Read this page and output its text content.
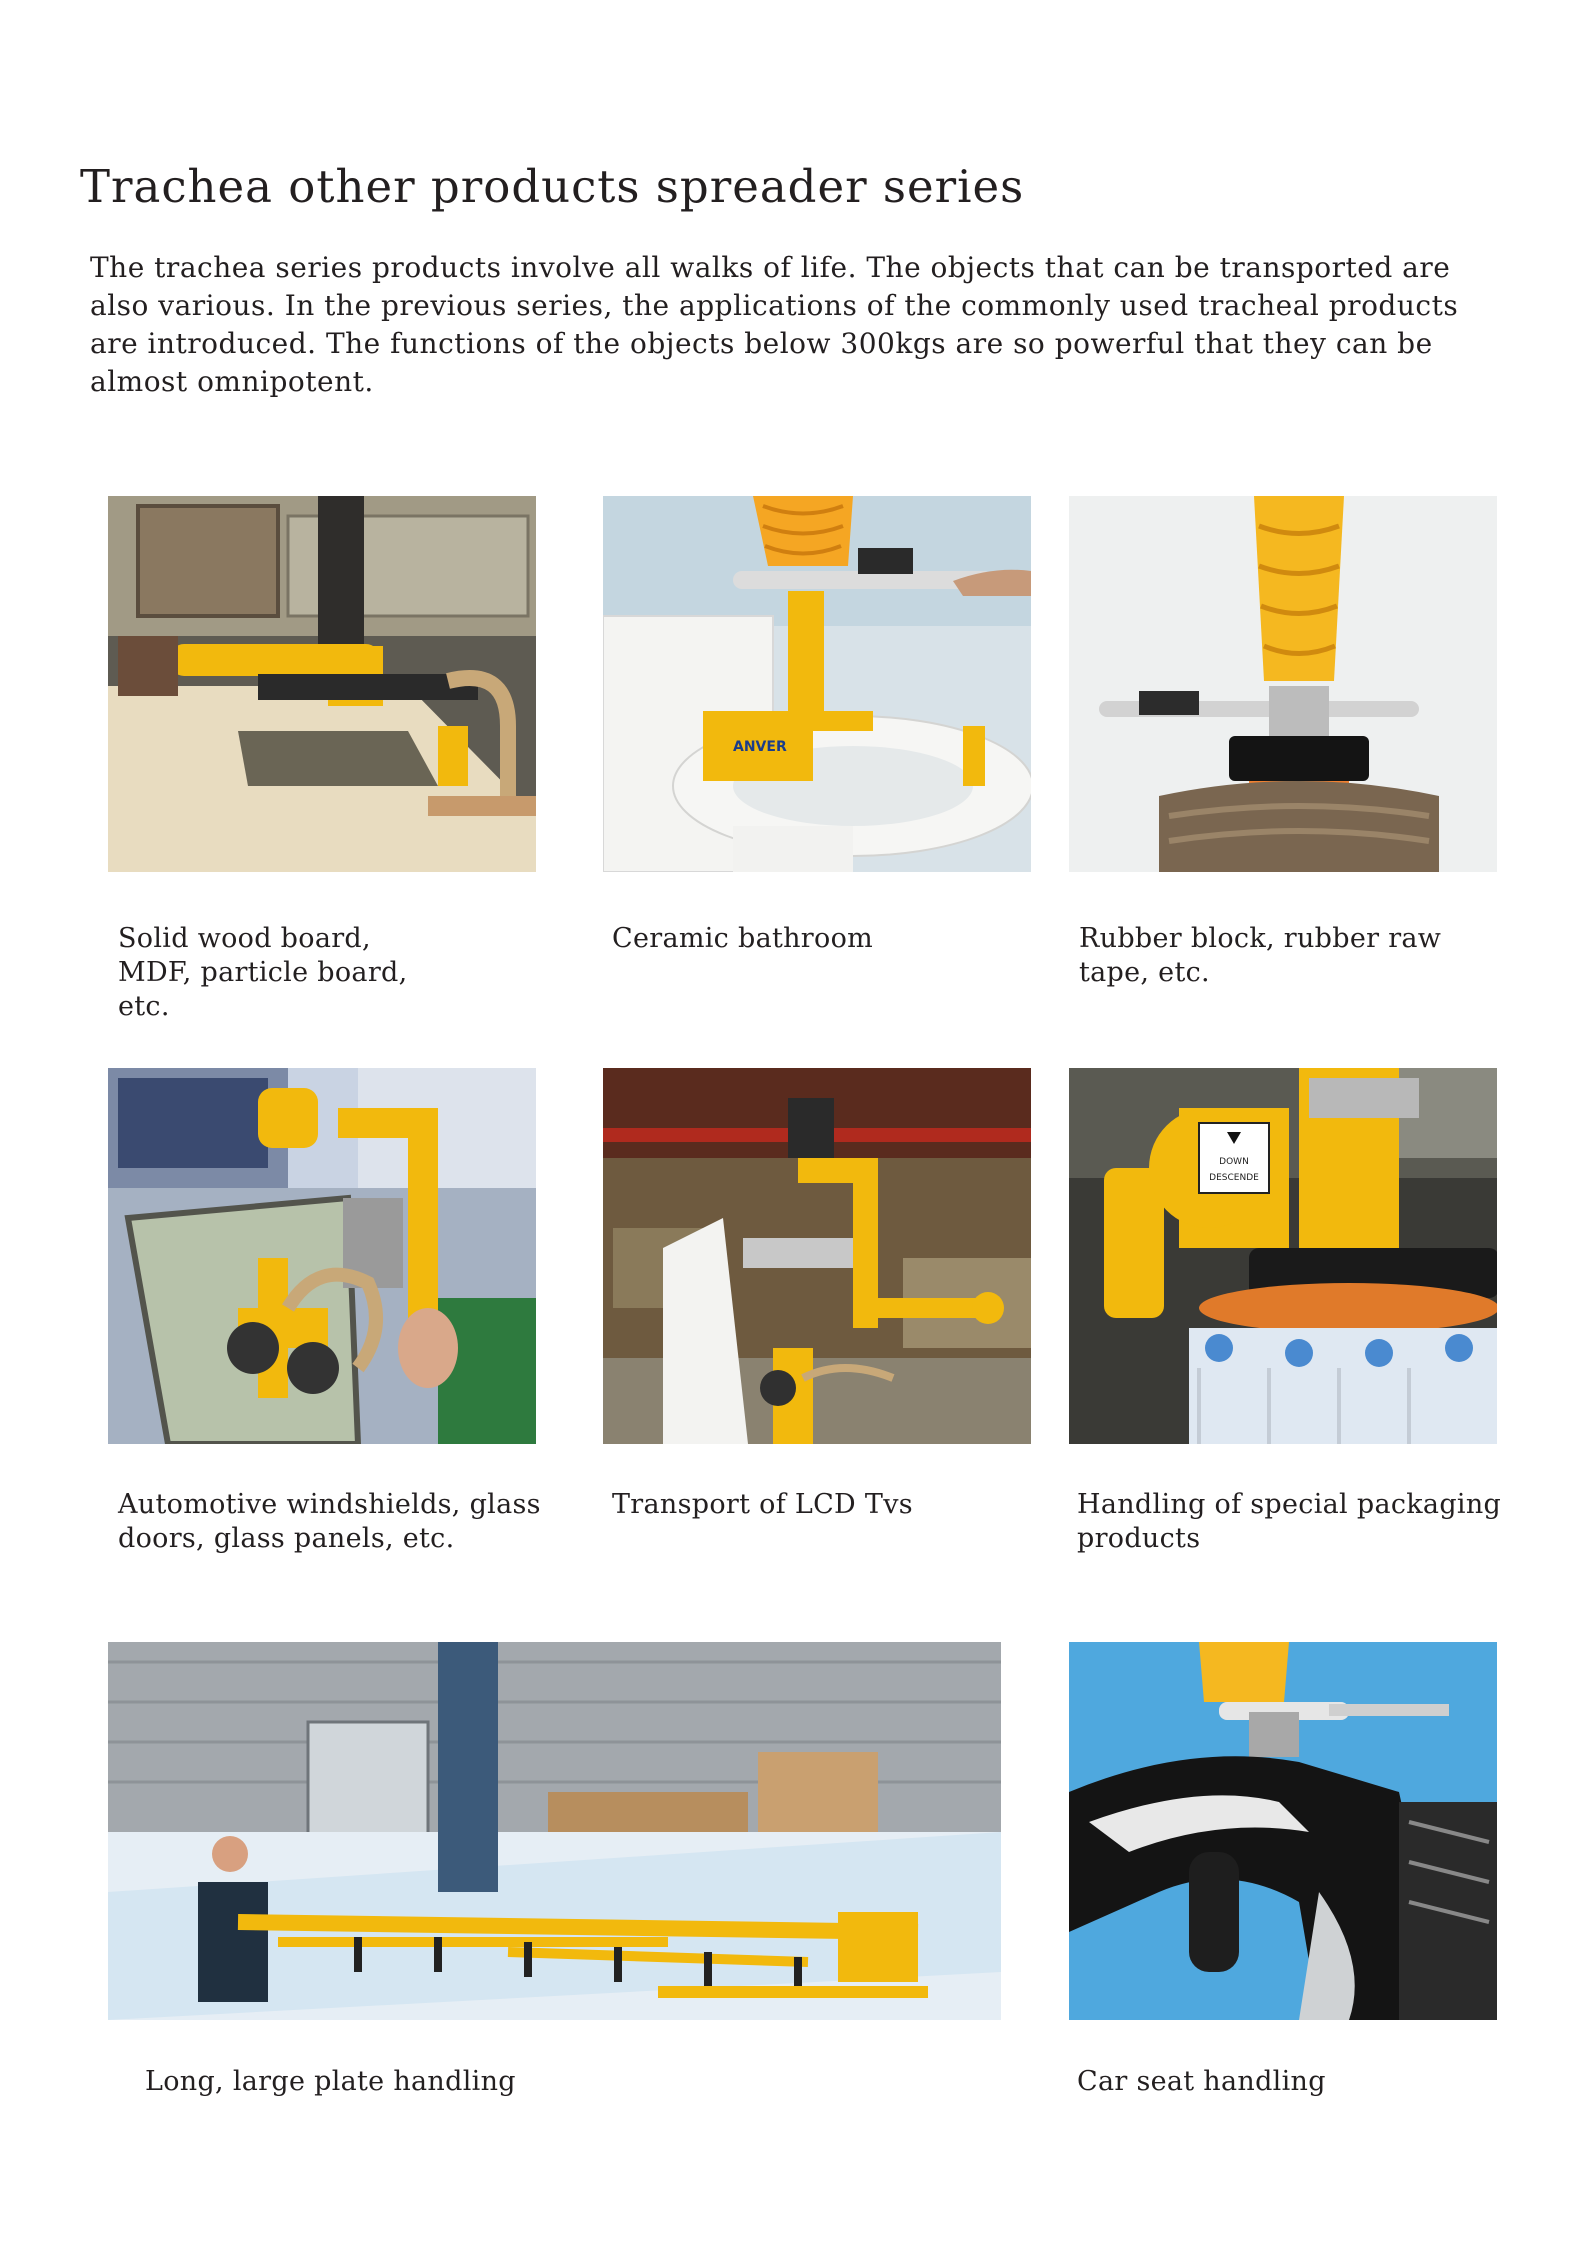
Trachea other products spreader series

The trachea series products involve all walks of life. The objects that can be transported are also various. In the previous series, the applications of the commonly used tracheal products are introduced. The functions of the objects below 300kgs are so powerful that they can be almost omnipotent.

ANVER

Solid wood board, MDF, particle board, etc.

Ceramic bathroom	Rubber block, rubber raw tape, etc.

DOWN
DESCENDE

Automotive windshields, glass doors, glass panels, etc.

Transport of LCD Tvs	Handling of special packaging products

Long, large plate handling	Car seat handling
